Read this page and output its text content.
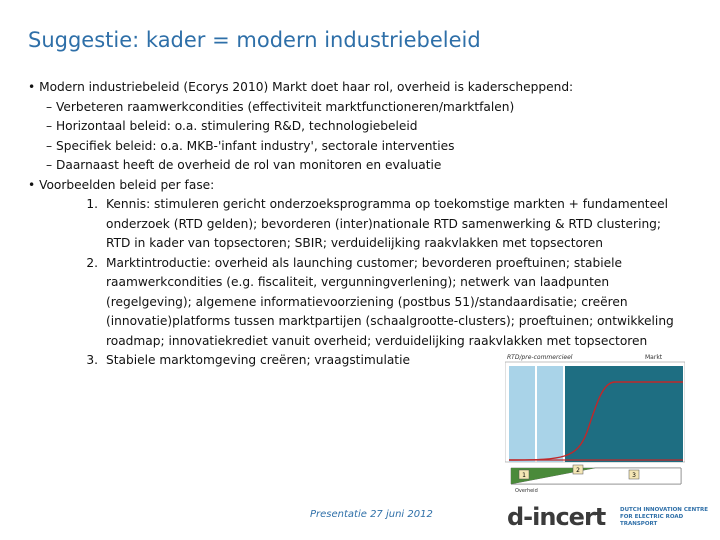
Suggestie: kader = modern industriebeleid
• Modern industriebeleid (Ecorys 2010) Markt doet haar rol, overheid is kaderscheppend:
– Verbeteren raamwerkcondities (effectiviteit marktfunctioneren/marktfalen)
– Horizontaal beleid: o.a. stimulering R&D, technologiebeleid
– Specifiek beleid: o.a. MKB-'infant industry', sectorale interventies
– Daarnaast heeft de overheid de rol van monitoren en evaluatie
• Voorbeelden beleid per fase:
1. Kennis: stimuleren gericht onderzoeksprogramma op toekomstige markten + fundamenteel
onderzoek (RTD gelden); bevorderen (inter)nationale RTD samenwerking & RTD clustering;
RTD in kader van topsectoren; SBIR; verduidelijking raakvlakken met topsectoren
2. Marktintroductie: overheid als launching customer; bevorderen proeftuinen; stabiele
raamwerkcondities (e.g. fiscaliteit, vergunningverlening); netwerk van laadpunten
(regelgeving); algemene informatievoorziening (postbus 51)/standaardisatie; creëren
(innovatie)platforms tussen marktpartijen (schaalgrootte-clusters); proeftuinen; ontwikkeling
roadmap; innovatiekrediet vanuit overheid; verduidelijking raakvlakken met topsectoren
3. Stabiele marktomgeving creëren; vraagstimulatie	RTD/pre-commercieel	Markt
1
2
3
Overheid
Presentatie 27 juni 2012	d-incert	DUTCH INNOVATION CENTRE FOR ELECTRIC ROAD TRANSPORT
